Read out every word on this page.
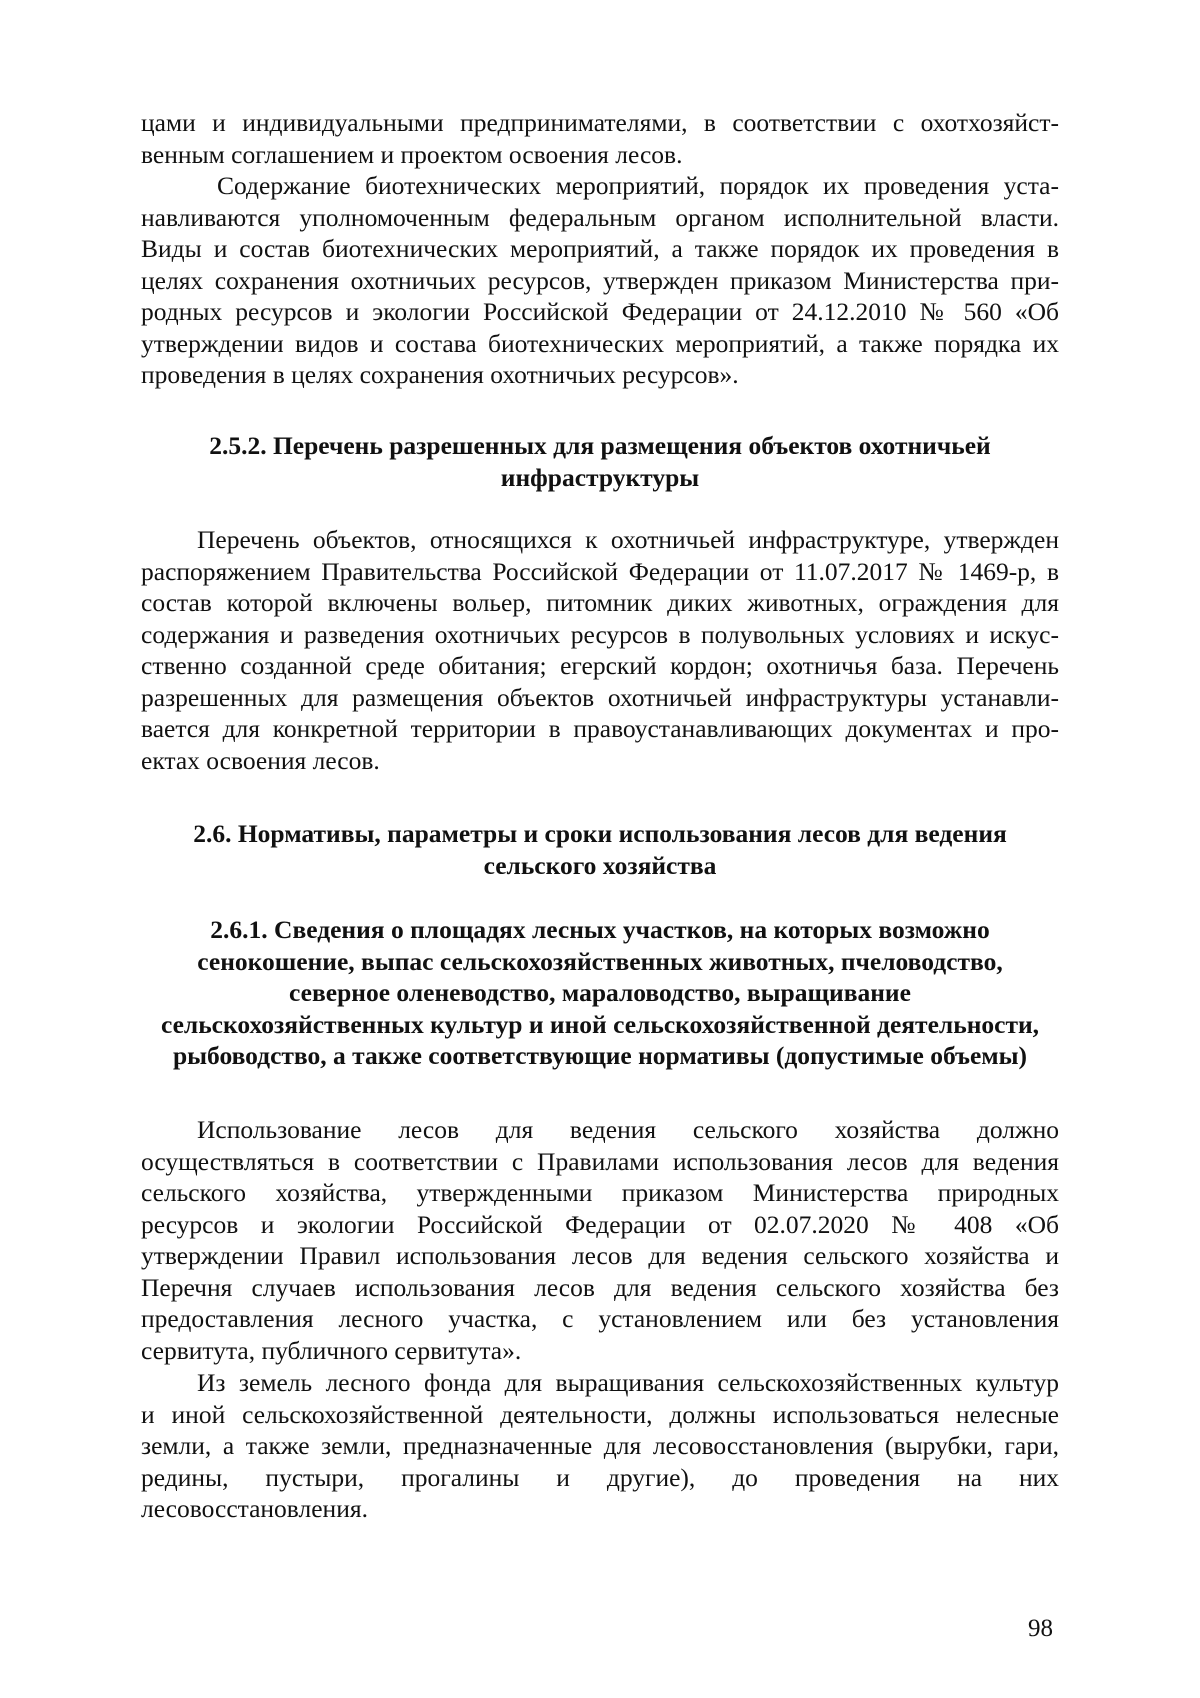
цами и индивидуальными предпринимателями, в соответствии с охотхозяйст-
венным соглашением и проектом освоения лесов.
Содержание биотехнических мероприятий, порядок их проведения уста-
навливаются уполномоченным федеральным органом исполнительной власти.
Виды и состав биотехнических мероприятий, а также порядок их проведения в
целях сохранения охотничьих ресурсов, утвержден приказом Министерства при-
родных ресурсов и экологии Российской Федерации от 24.12.2010 № 560 «Об
утверждении видов и состава биотехнических мероприятий, а также порядка их
проведения в целях сохранения охотничьих ресурсов».
2.5.2. Перечень разрешенных для размещения объектов охотничьей
инфраструктуры
Перечень объектов, относящихся к охотничьей инфраструктуре, утвержден
распоряжением Правительства Российской Федерации от 11.07.2017 № 1469-р, в
состав которой включены вольер, питомник диких животных, ограждения для
содержания и разведения охотничьих ресурсов в полувольных условиях и искус-
ственно созданной среде обитания; егерский кордон; охотничья база. Перечень
разрешенных для размещения объектов охотничьей инфраструктуры устанавли-
вается для конкретной территории в правоустанавливающих документах и про-
ектах освоения лесов.
2.6. Нормативы, параметры и сроки использования лесов для ведения
сельского хозяйства
2.6.1. Сведения о площадях лесных участков, на которых возможно
сенокошение, выпас сельскохозяйственных животных, пчеловодство,
северное оленеводство, мараловодство, выращивание
сельскохозяйственных культур и иной сельскохозяйственной деятельности,
рыбоводство, а также соответствующие нормативы (допустимые объемы)
Использование лесов для ведения сельского хозяйства должно
осуществляться в соответствии с Правилами использования лесов для ведения
сельского хозяйства, утвержденными приказом Министерства природных
ресурсов и экологии Российской Федерации от 02.07.2020 № 408 «Об
утверждении Правил использования лесов для ведения сельского хозяйства и
Перечня случаев использования лесов для ведения сельского хозяйства без
предоставления лесного участка, с установлением или без установления
сервитута, публичного сервитута».
Из земель лесного фонда для выращивания сельскохозяйственных культур
и иной сельскохозяйственной деятельности, должны использоваться нелесные
земли, а также земли, предназначенные для лесовосстановления (вырубки, гари,
редины, пустыри, прогалины и другие), до проведения на них
лесовосстановления.
98
